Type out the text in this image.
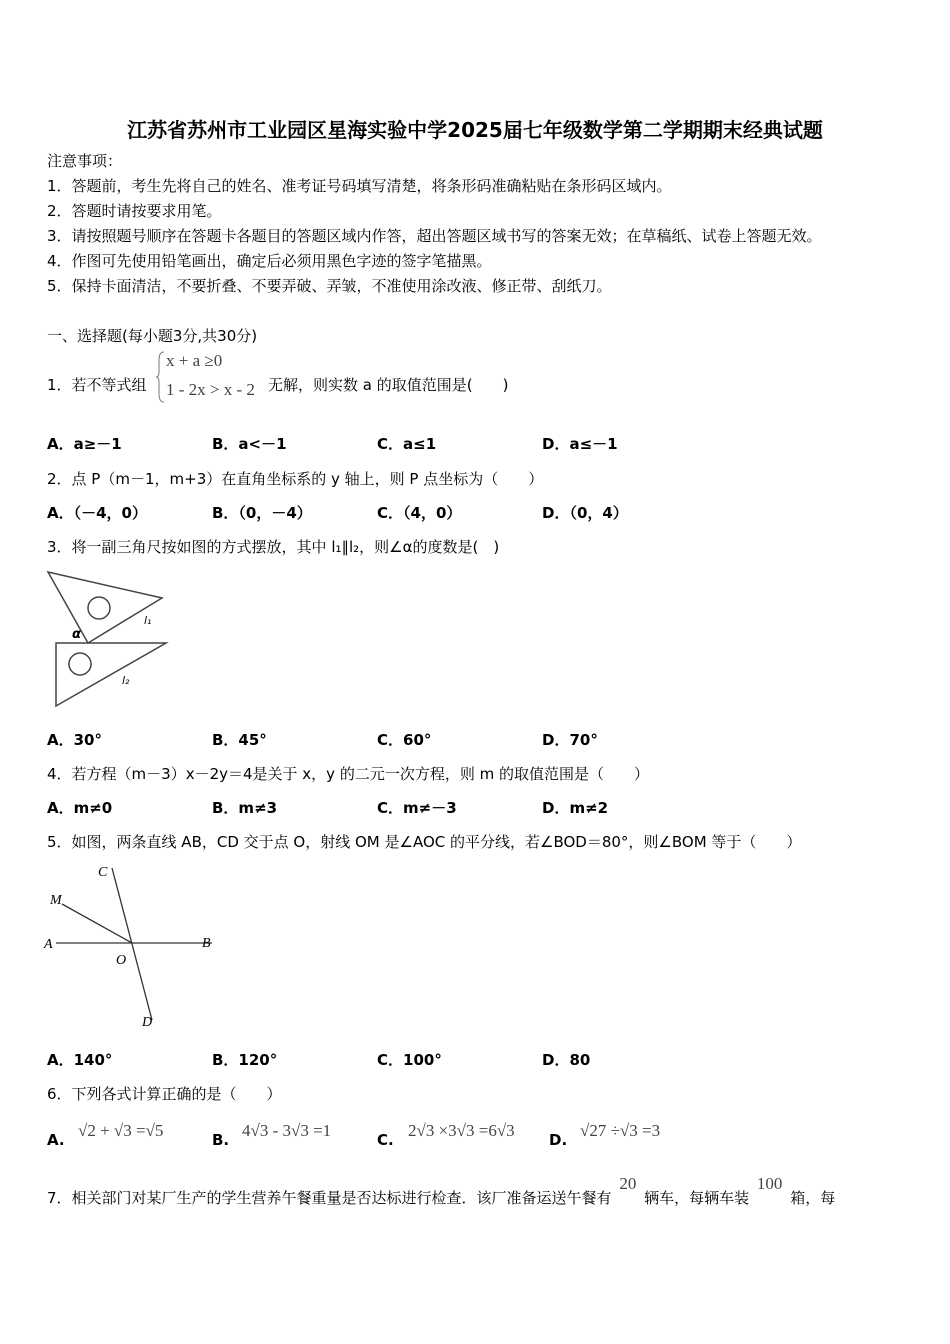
江苏省苏州市工业园区星海实验中学2025届七年级数学第二学期期末经典试题
注意事项：
1．答题前，考生先将自己的姓名、准考证号码填写清楚，将条形码准确粘贴在条形码区域内。
2．答题时请按要求用笔。
3．请按照题号顺序在答题卡各题目的答题区域内作答，超出答题区域书写的答案无效；在草稿纸、试卷上答题无效。
4．作图可先使用铅笔画出，确定后必须用黑色字迹的签字笔描黑。
5．保持卡面清洁，不要折叠、不要弄破、弄皱，不准使用涂改液、修正带、刮纸刀。
一、选择题(每小题3分,共30分)
1．若不等式组
x + a ≥0
1 - 2x > x - 2 无解，则实数 a 的取值范围是(　　)
A．a≥－1	B．a<－1	C．a≤1	D．a≤－1
2．点 P（m－1，m+3）在直角坐标系的 y 轴上，则 P 点坐标为（　　）
A．（－4，0）	B．（0，－4）	C．（4，0）	D．（0，4）
3．将一副三角尺按如图的方式摆放，其中 l₁∥l₂，则∠α的度数是(　)
α
l₁
l₂
A．30°	B．45°	C．60°	D．70°
4．若方程（m－3）x－2y＝4是关于 x，y 的二元一次方程，则 m 的取值范围是（　　）
A．m≠0	B．m≠3	C．m≠－3	D．m≠2
5．如图，两条直线 AB，CD 交于点 O，射线 OM 是∠AOC 的平分线，若∠BOD＝80°，则∠BOM 等于（　　）
C
M
A
O
B
D
A．140°	B．120°	C．100°	D．80
6．下列各式计算正确的是（　　）
A. √2 + √3 =√5	B. 4√3 - 3√3 =1	C. 2√3 ×3√3 =6√3 D. √27 ÷√3 =3
7．相关部门对某厂生产的学生营养午餐重量是否达标进行检查．该厂准备运送午餐有 20 辆车，每辆车装 100 箱，每
